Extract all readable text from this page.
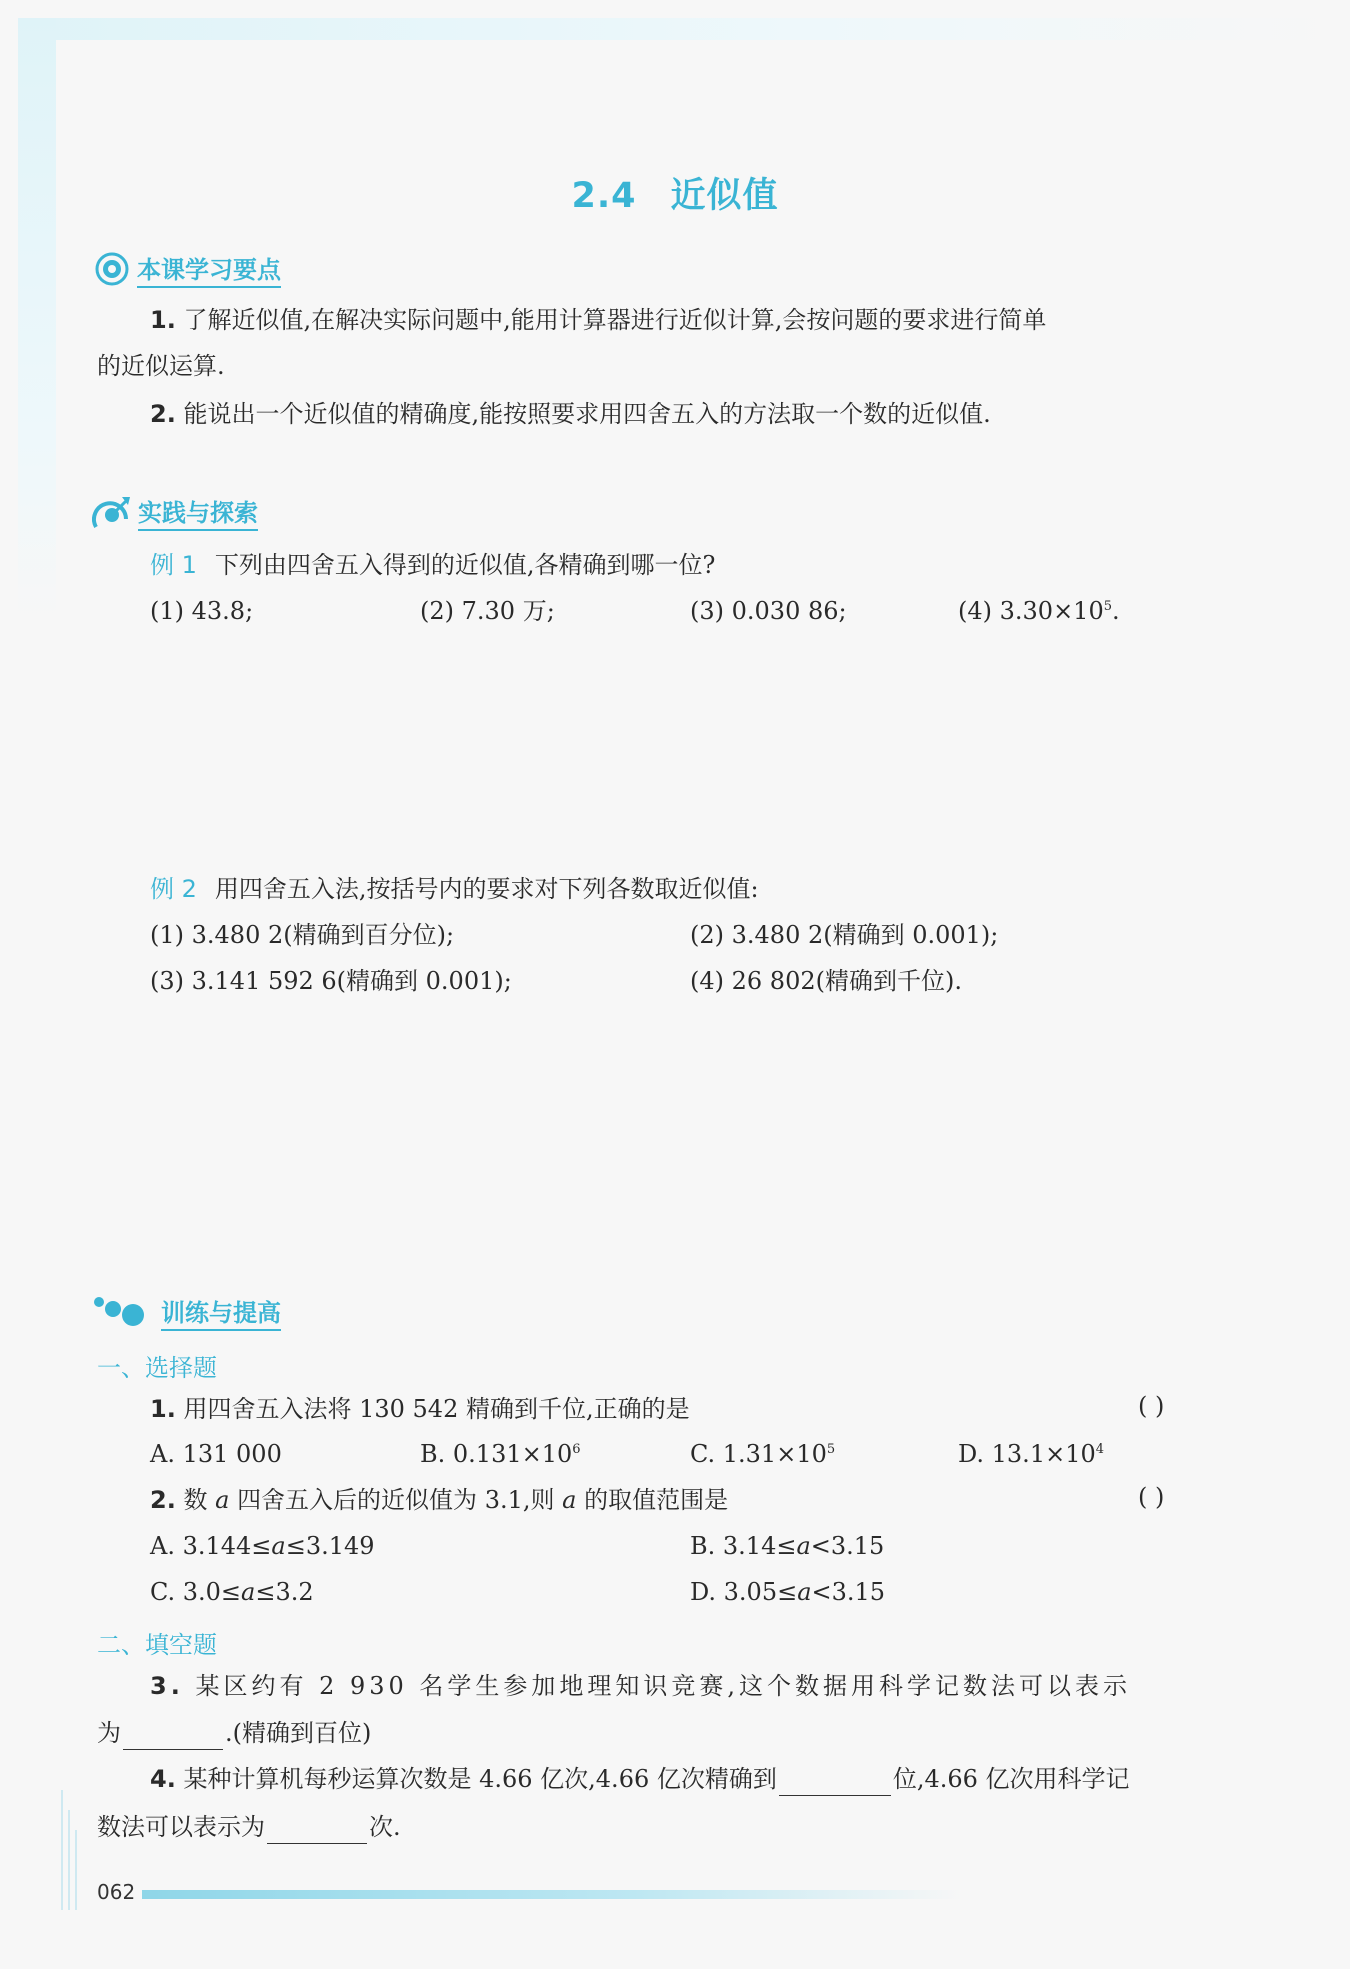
2.4 近似值
本课学习要点
1. 了解近似值,在解决实际问题中,能用计算器进行近似计算,会按问题的要求进行简单
的近似运算.
2. 能说出一个近似值的精确度,能按照要求用四舍五入的方法取一个数的近似值.
实践与探索
例 1 下列由四舍五入得到的近似值,各精确到哪一位?
(1) 43.8;	(2) 7.30 万;	(3) 0.030 86;	(4) $3.30\times 10^5$.
例 2 用四舍五入法,按括号内的要求对下列各数取近似值:
(1) 3.480 2(精确到百分位);	(2) 3.480 2(精确到 0.001);
(3) 3.141 592 6(精确到 0.001);	(4) 26 802(精确到千位).
训练与提高
一、选择题
1. 用四舍五入法将 130 542 精确到千位,正确的是	( )
A. 131 000	B. $0.131\times 10^6$	C. $1.31\times 10^5$	D. $13.1\times 10^4$
2. 数 a 四舍五入后的近似值为 3.1,则 a 的取值范围是	( )
A. 3.144≤a≤3.149	B. 3.14≤a<3.15
C. 3.0≤a≤3.2	D. 3.05≤a<3.15
二、填空题
3. 某区约有 2 930 名学生参加地理知识竞赛,这个数据用科学记数法可以表示
为	.(精确到百位)
4. 某种计算机每秒运算次数是 4.66 亿次,4.66 亿次精确到	位,4.66 亿次用科学记
数法可以表示为	次.
062
